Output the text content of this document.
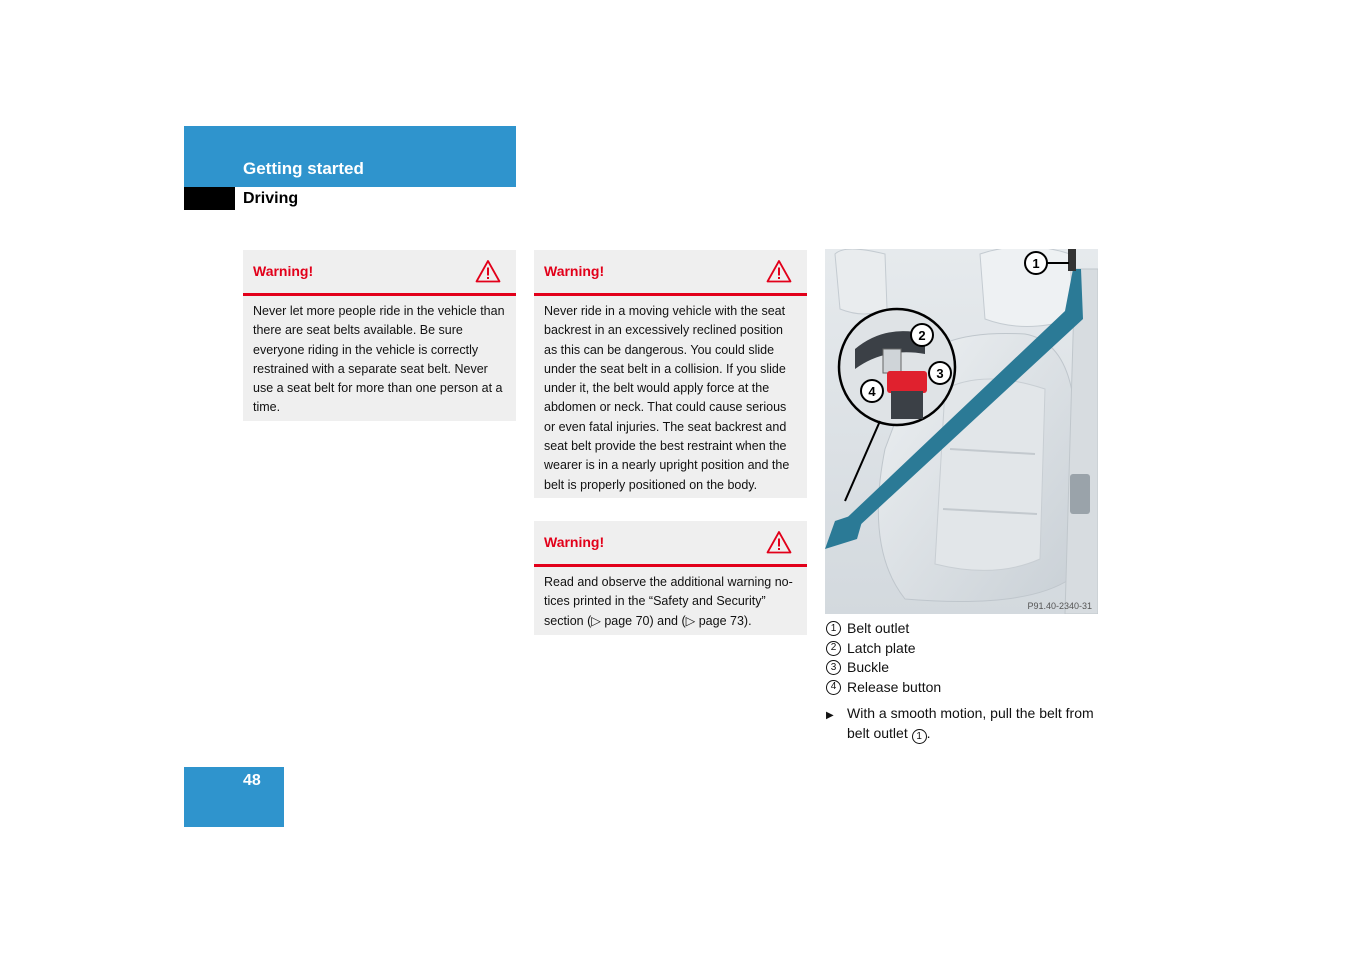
Getting started
Driving
Warning!
Never let more people ride in the vehicle than there are seat belts available. Be sure everyone riding in the vehicle is correctly restrained with a separate seat belt. Never use a seat belt for more than one person at a time.
Warning!
Never ride in a moving vehicle with the seat backrest in an excessively reclined position as this can be dangerous. You could slide under the seat belt in a collision. If you slide under it, the belt would apply force at the abdomen or neck. That could cause serious or even fatal injuries. The seat backrest and seat belt provide the best restraint when the wearer is in a nearly upright position and the belt is properly positioned on the body.
Warning!
Read and observe the additional warning no-tices printed in the “Safety and Security” section (▷ page 70) and (▷ page 73).
1
2
3
4
P91.40-2340-31
1 Belt outlet
2 Latch plate
3 Buckle
4 Release button
▶ With a smooth motion, pull the belt from belt outlet 1 .
48
